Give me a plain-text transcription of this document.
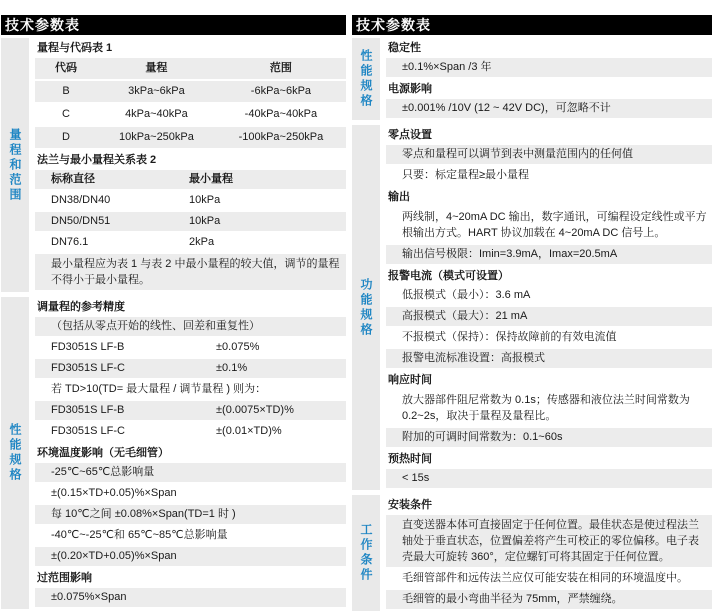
技术参数表
量程和范围
量程与代码表 1
代码	量程	范围
B	3kPa~6kPa	-6kPa~6kPa
C	4kPa~40kPa	-40kPa~40kPa
D	10kPa~250kPa	-100kPa~250kPa
法兰与最小量程关系表 2
标称直径	最小量程
DN38/DN40	10kPa
DN50/DN51	10kPa
DN76.1	2kPa
最小量程应为表 1 与表 2 中最小量程的较大值，调节的量程不得小于最小量程。
性能规格
调量程的参考精度
（包括从零点开始的线性、回差和重复性）
FD3051S LF-B	±0.075%
FD3051S LF-C	±0.1%
若 TD>10(TD= 最大量程 / 调节量程 ) 则为：
FD3051S LF-B	±(0.0075×TD)%
FD3051S LF-C	±(0.01×TD)%
环境温度影响（无毛细管）
-25℃~65℃总影响量
±(0.15×TD+0.05)%×Span
每 10℃之间 ±0.08%×Span(TD=1 时 )
-40℃~-25℃和 65℃~85℃总影响量
±(0.20×TD+0.05)%×Span
过范围影响
±0.075%×Span
技术参数表
性能规格
稳定性
±0.1%×Span /3 年
电源影响
±0.001% /10V (12 ~ 42V DC)，可忽略不计
功能规格
零点设置
零点和量程可以调节到表中测量范围内的任何值
只要：标定量程≥最小量程
输出
两线制，4~20mA DC 输出，数字通讯，可编程设定线性或平方根输出方式。HART 协议加载在 4~20mA DC 信号上。
输出信号极限：Imin=3.9mA，Imax=20.5mA
报警电流（模式可设置）
低报模式（最小）：3.6 mA
高报模式（最大）：21 mA
不报模式（保持）：保持故障前的有效电流值
报警电流标准设置：高报模式
响应时间
放大器部件阻尼常数为 0.1s；传感器和液位法兰时间常数为 0.2~2s，取决于量程及量程比。
附加的可调时间常数为：0.1~60s
预热时间
< 15s
工作条件
安装条件
直变送器本体可直接固定于任何位置。最佳状态是使过程法兰轴处于垂直状态，位置偏差将产生可校正的零位偏移。电子表壳最大可旋转 360°，定位螺钉可将其固定于任何位置。
毛细管部件和远传法兰应仅可能安装在相同的环境温度中。
毛细管的最小弯曲半径为 75mm，严禁缠绕。
